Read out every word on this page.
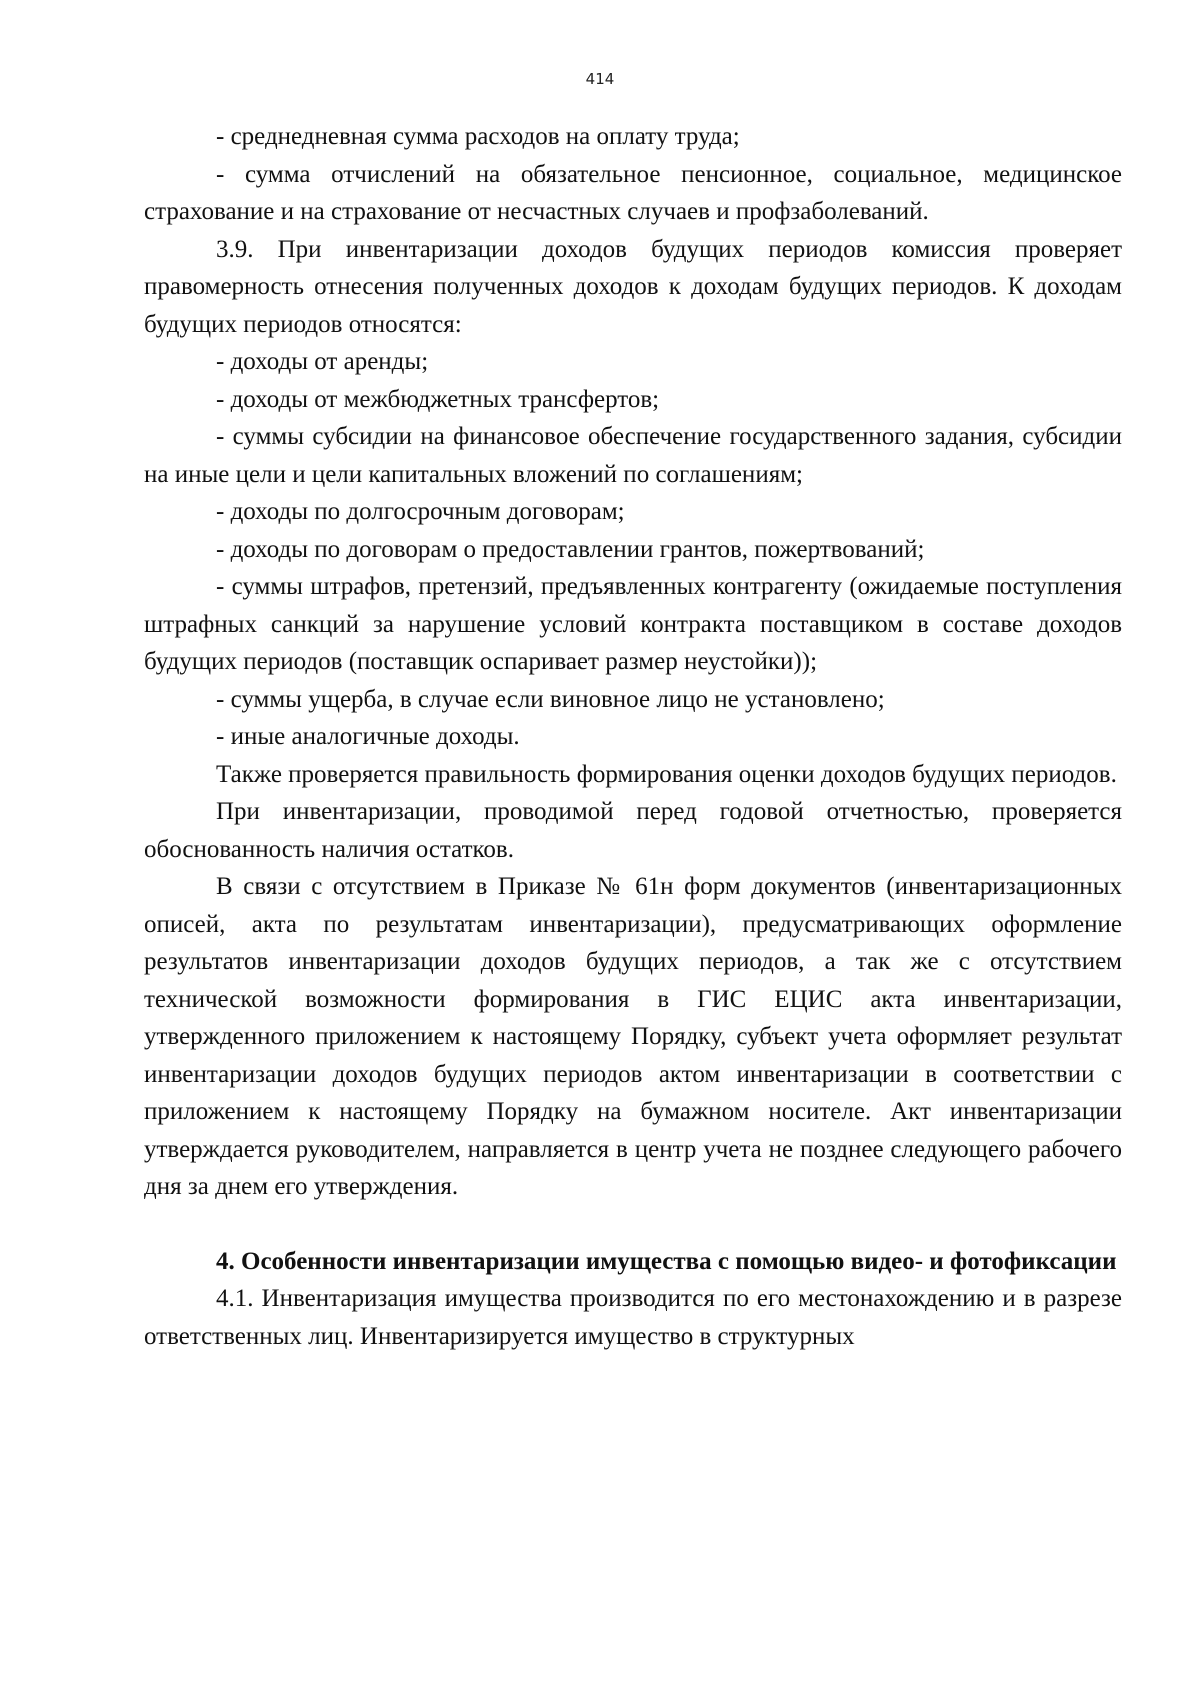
414

- среднедневная сумма расходов на оплату труда;

- сумма отчислений на обязательное пенсионное, социальное, медицинское страхование и на страхование от несчастных случаев и профзаболеваний.

3.9. При инвентаризации доходов будущих периодов комиссия проверяет правомерность отнесения полученных доходов к доходам будущих периодов. К доходам будущих периодов относятся:

- доходы от аренды;

- доходы от межбюджетных трансфертов;

- суммы субсидии на финансовое обеспечение государственного задания, субсидии на иные цели и цели капитальных вложений по соглашениям;

- доходы по долгосрочным договорам;

- доходы по договорам о предоставлении грантов, пожертвований;

- суммы штрафов, претензий, предъявленных контрагенту (ожидаемые поступления штрафных санкций за нарушение условий контракта поставщиком в составе доходов будущих периодов (поставщик оспаривает размер неустойки));

- суммы ущерба, в случае если виновное лицо не установлено;

- иные аналогичные доходы.

Также проверяется правильность формирования оценки доходов будущих периодов.

При инвентаризации, проводимой перед годовой отчетностью, проверяется обоснованность наличия остатков.

В связи с отсутствием в Приказе № 61н форм документов (инвентаризационных описей, акта по результатам инвентаризации), предусматривающих оформление результатов инвентаризации доходов будущих периодов, а так же с отсутствием технической возможности формирования в ГИС ЕЦИС акта инвентаризации, утвержденного приложением к настоящему Порядку, субъект учета оформляет результат инвентаризации доходов будущих периодов актом инвентаризации в соответствии с приложением к настоящему Порядку на бумажном носителе. Акт инвентаризации утверждается руководителем, направляется в центр учета не позднее следующего рабочего дня за днем его утверждения.

4. Особенности инвентаризации имущества с помощью видео- и фотофиксации

4.1. Инвентаризация имущества производится по его местонахождению и в разрезе ответственных лиц. Инвентаризируется имущество в структурных
